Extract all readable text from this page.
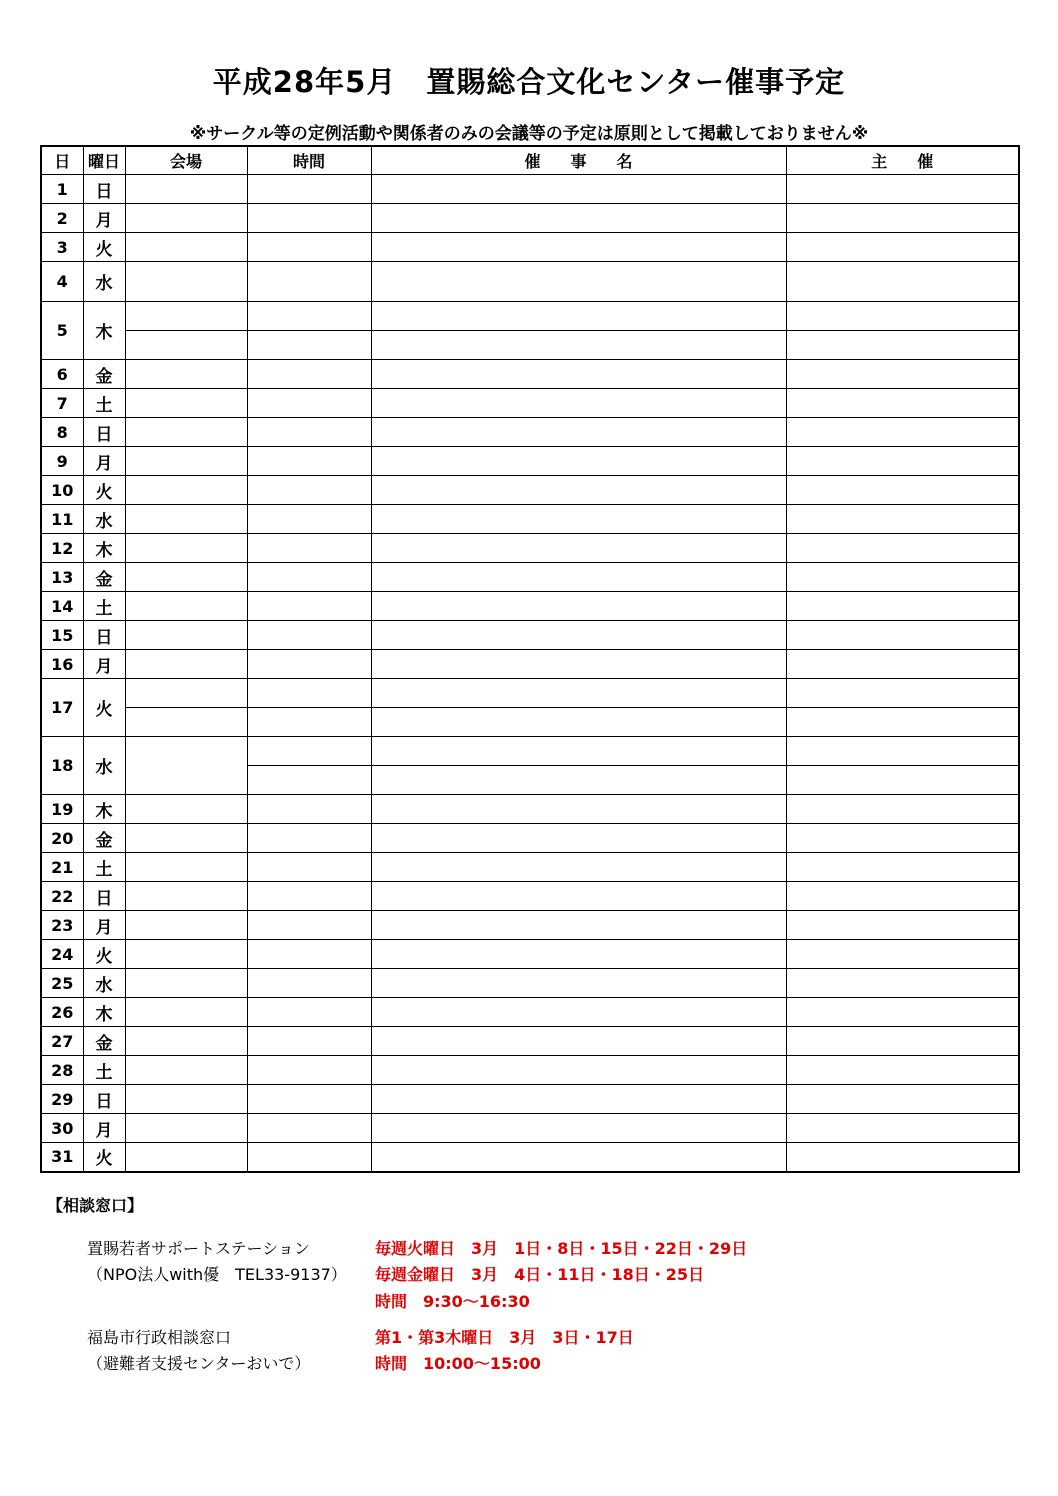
平成28年5月　置賜総合文化センター催事予定
※サークル等の定例活動や関係者のみの会議等の予定は原則として掲載しておりません※
日	曜日	会場	時間	催事名	主催
1	日				
2	月				
3	火				
4	水				
5	木				

6	金				
7	土				
8	日				
9	月				
10	火				
11	水				
12	木				
13	金				
14	土				
15	日				
16	月				
17	火				

18	水				

19	木				
20	金				
21	土				
22	日				
23	月				
24	火				
25	水				
26	木				
27	金				
28	土				
29	日				
30	月				
31	火				
【相談窓口】
置賜若者サポートステーション
（NPO法人with優　TEL33-9137）
毎週火曜日　3月　1日・8日・15日・22日・29日
毎週金曜日　3月　4日・11日・18日・25日
時間　9:30～16:30
福島市行政相談窓口
（避難者支援センターおいで）
第1・第3木曜日　3月　3日・17日
時間　10:00～15:00
